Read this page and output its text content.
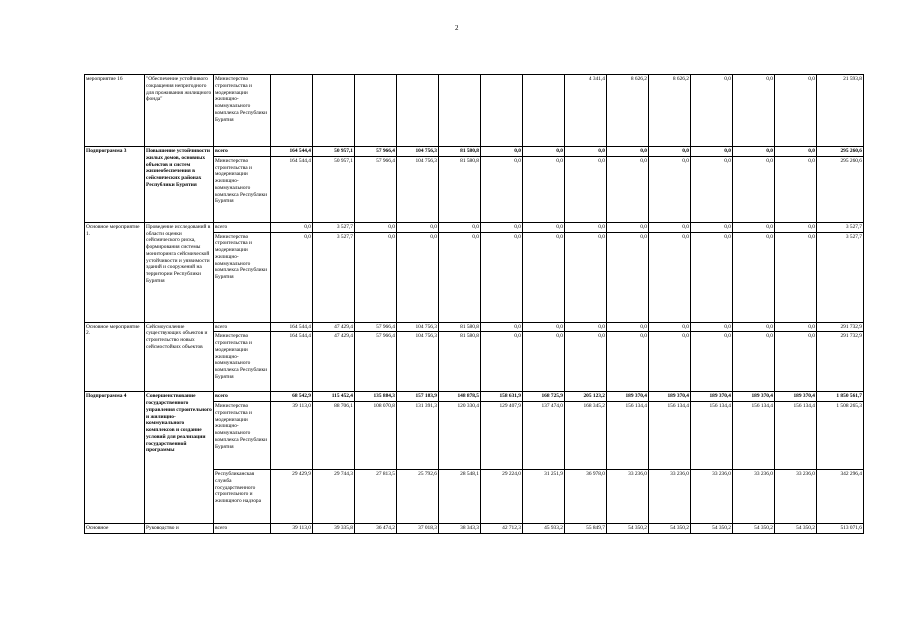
2
мероприятие 16	"Обеспечение устойчивого сокращения непригодного для проживания жилищного фонда"	Министерство строительства и модернизации жилищно-коммунального комплекса Республики Бурятия								4 341,4	8 626,2	8 626,2	0,0	0,0	0,0	21 593,8
Подпрограмма 3	Повышение устойчивости жилых домов, основных объектов и систем жизнеобеспечения в сейсмических районах Республики Бурятия	всего	164 544,4	50 957,1	57 966,4	104 756,3	81 580,8	0,0	0,0	0,0	0,0	0,0	0,0	0,0	0,0	295 260,6
		Министерство строительства и модернизации жилищно-коммунального комплекса Республики Бурятия	164 544,4	50 957,1	57 966,4	104 756,3	81 580,8	0,0	0,0	0,0	0,0	0,0	0,0	0,0	0,0	295 260,6
Основное мероприятие 1.	Проведение исследований в области оценки сейсмического риска, формирования системы мониторинга сейсмической устойчивости и уязвимости зданий и сооружений на территории Республики Бурятия	всего	0,0	3 527,7	0,0	0,0	0,0	0,0	0,0	0,0	0,0	0,0	0,0	0,0	0,0	3 527,7
		Министерство строительства и модернизации жилищно-коммунального комплекса Республики Бурятия	0,0	3 527,7	0,0	0,0	0,0	0,0	0,0	0,0	0,0	0,0	0,0	0,0	0,0	3 527,7
Основное мероприятие 2.	Сейсмоусиление существующих объектов и строительство новых сейсмостойких объектов	всего	164 544,4	47 429,4	57 966,4	104 756,3	81 580,8	0,0	0,0	0,0	0,0	0,0	0,0	0,0	0,0	291 732,9
		Министерство строительства и модернизации жилищно-коммунального комплекса Республики Бурятия	164 544,4	47 429,4	57 966,4	104 756,3	81 580,8	0,0	0,0	0,0	0,0	0,0	0,0	0,0	0,0	291 732,9
Подпрограмма 4	Совершенствование государственного управления строительного и жилищно-коммунального комплексов и создание условий для реализации государственной программы	всего	68 542,9	115 452,4	135 884,3	157 183,9	148 878,5	158 631,9	168 725,9	205 123,2	189 370,4	189 370,4	189 370,4	189 370,4	189 370,4	1 850 561,7
		Министерство строительства и модернизации жилищно-коммунального комплекса Республики Бурятия	39 113,0	88 706,1	108 070,8	131 391,3	120 330,4	129 407,9	137 474,0	168 345,2	156 134,4	156 134,4	156 134,4	156 134,4	156 134,4	1 508 265,3
		Республиканская служба государственного строительного и жилищного надзора	29 429,9	29 744,3	27 813,5	25 792,6	28 548,1	29 224,0	31 251,9	36 978,0	33 236,0	33 236,0	33 236,0	33 236,0	33 236,0	342 296,4
Основное	Руководство и	всего	39 113,0	39 335,8	36 474,2	37 018,3	38 343,3	42 712,3	45 933,2	55 849,7	54 350,2	54 350,2	54 350,2	54 350,2	54 350,2	513 071,6
